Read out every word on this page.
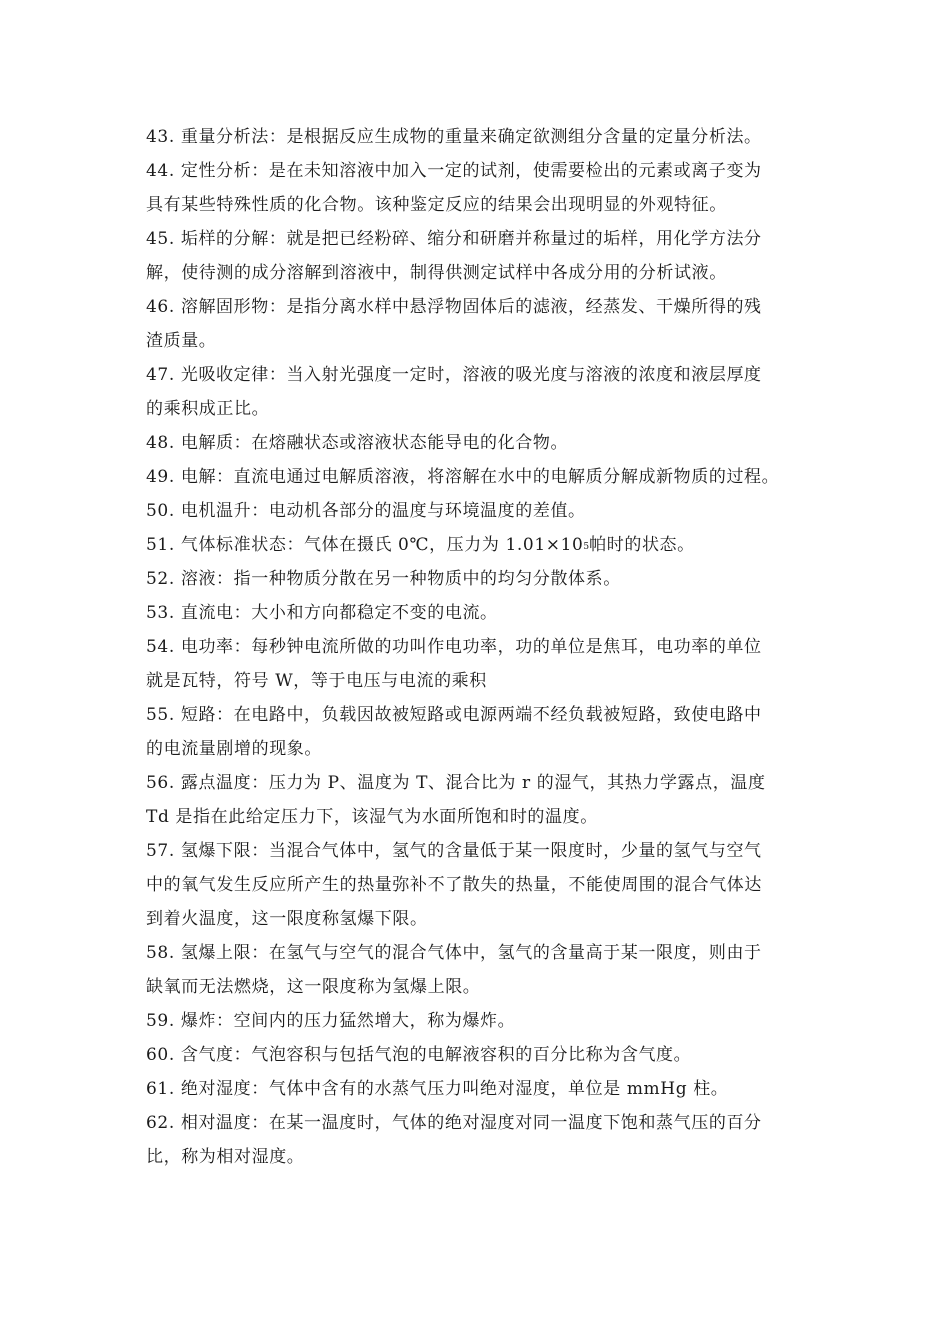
43. 重量分析法：是根据反应生成物的重量来确定欲测组分含量的定量分析法。
44. 定性分析：是在未知溶液中加入一定的试剂，使需要检出的元素或离子变为
具有某些特殊性质的化合物。该种鉴定反应的结果会出现明显的外观特征。
45. 垢样的分解：就是把已经粉碎、缩分和研磨并称量过的垢样，用化学方法分
解，使待测的成分溶解到溶液中，制得供测定试样中各成分用的分析试液。
46. 溶解固形物：是指分离水样中悬浮物固体后的滤液，经蒸发、干燥所得的残
渣质量。
47. 光吸收定律：当入射光强度一定时，溶液的吸光度与溶液的浓度和液层厚度
的乘积成正比。
48. 电解质：在熔融状态或溶液状态能导电的化合物。
49. 电解：直流电通过电解质溶液，将溶解在水中的电解质分解成新物质的过程。
50. 电机温升：电动机各部分的温度与环境温度的差值。
51. 气体标准状态：气体在摄氏 0℃，压力为 1.01×105帕时的状态。
52. 溶液：指一种物质分散在另一种物质中的均匀分散体系。
53. 直流电：大小和方向都稳定不变的电流。
54. 电功率：每秒钟电流所做的功叫作电功率，功的单位是焦耳，电功率的单位
就是瓦特，符号 W，等于电压与电流的乘积
55. 短路：在电路中，负载因故被短路或电源两端不经负载被短路，致使电路中
的电流量剧增的现象。
56. 露点温度：压力为 P、温度为 T、混合比为 r 的湿气，其热力学露点，温度
Td 是指在此给定压力下，该湿气为水面所饱和时的温度。
57. 氢爆下限：当混合气体中，氢气的含量低于某一限度时，少量的氢气与空气
中的氧气发生反应所产生的热量弥补不了散失的热量，不能使周围的混合气体达
到着火温度，这一限度称氢爆下限。
58. 氢爆上限：在氢气与空气的混合气体中，氢气的含量高于某一限度，则由于
缺氧而无法燃烧，这一限度称为氢爆上限。
59. 爆炸：空间内的压力猛然增大，称为爆炸。
60. 含气度：气泡容积与包括气泡的电解液容积的百分比称为含气度。
61. 绝对湿度：气体中含有的水蒸气压力叫绝对湿度，单位是 mmHg 柱。
62. 相对温度：在某一温度时，气体的绝对湿度对同一温度下饱和蒸气压的百分
比，称为相对湿度。
